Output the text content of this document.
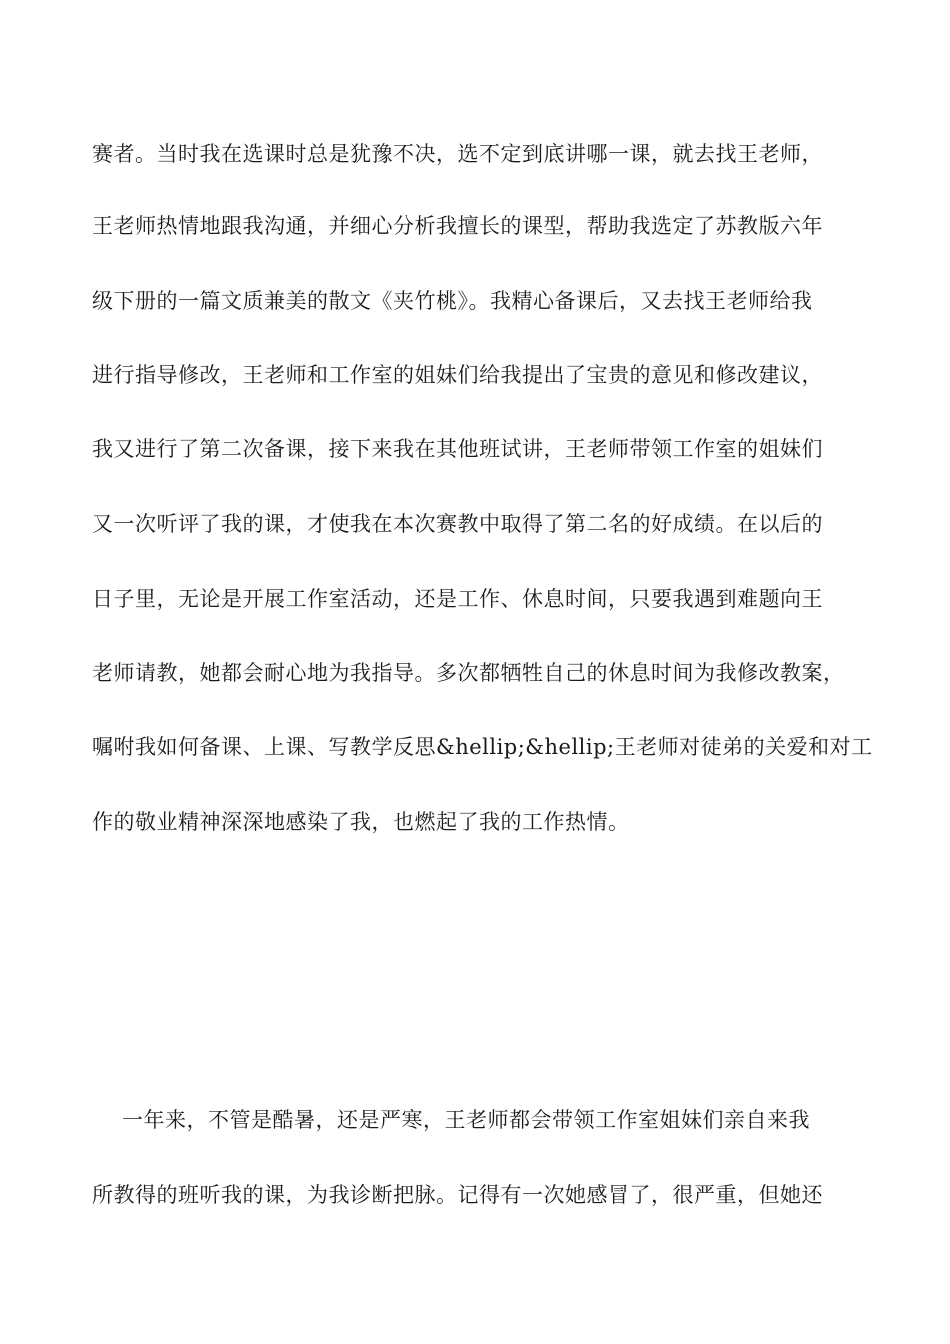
赛者。当时我在选课时总是犹豫不决，选不定到底讲哪一课，就去找王老师，
王老师热情地跟我沟通，并细心分析我擅长的课型，帮助我选定了苏教版六年
级下册的一篇文质兼美的散文《夹竹桃》。我精心备课后，又去找王老师给我
进行指导修改，王老师和工作室的姐妹们给我提出了宝贵的意见和修改建议，
我又进行了第二次备课，接下来我在其他班试讲，王老师带领工作室的姐妹们
又一次听评了我的课，才使我在本次赛教中取得了第二名的好成绩。在以后的
日子里，无论是开展工作室活动，还是工作、休息时间，只要我遇到难题向王
老师请教，她都会耐心地为我指导。多次都牺牲自己的休息时间为我修改教案，
嘱咐我如何备课、上课、写教学反思&hellip;&hellip;王老师对徒弟的关爱和对工
作的敬业精神深深地感染了我，也燃起了我的工作热情。
一年来，不管是酷暑，还是严寒，王老师都会带领工作室姐妹们亲自来我
所教得的班听我的课，为我诊断把脉。记得有一次她感冒了，很严重，但她还
